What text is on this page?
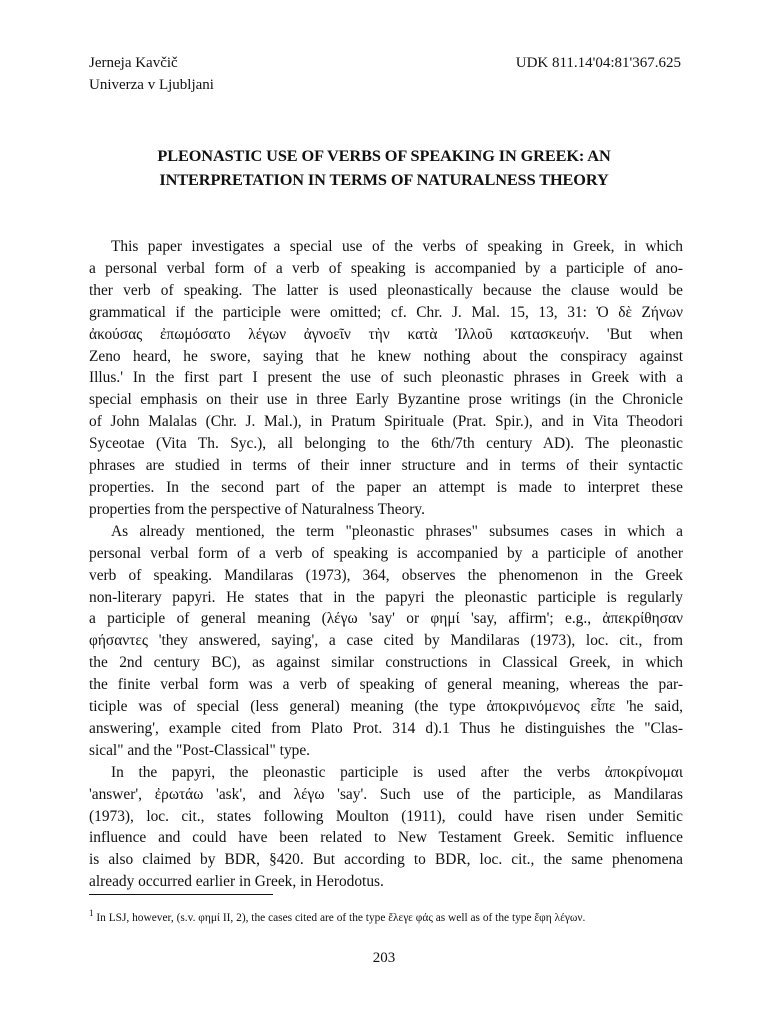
Jerneja Kavčič
Univerza v Ljubljani
UDK 811.14'04:81'367.625
PLEONASTIC USE OF VERBS OF SPEAKING IN GREEK: AN
INTERPRETATION IN TERMS OF NATURALNESS THEORY
This paper investigates a special use of the verbs of speaking in Greek, in which
a personal verbal form of a verb of speaking is accompanied by a participle of ano-
ther verb of speaking. The latter is used pleonastically because the clause would be
grammatical if the participle were omitted; cf. Chr. J. Mal. 15, 13, 31: Ὁ δὲ Ζήνων
ἀκούσας ἐπωμόσατο λέγων ἀγνοεῖν τὴν κατὰ Ἰλλοῦ κατασκευήν. 'But when
Zeno heard, he swore, saying that he knew nothing about the conspiracy against
Illus.' In the first part I present the use of such pleonastic phrases in Greek with a
special emphasis on their use in three Early Byzantine prose writings (in the Chronicle
of John Malalas (Chr. J. Mal.), in Pratum Spirituale (Prat. Spir.), and in Vita Theodori
Syceotae (Vita Th. Syc.), all belonging to the 6th/7th century AD). The pleonastic
phrases are studied in terms of their inner structure and in terms of their syntactic
properties. In the second part of the paper an attempt is made to interpret these
properties from the perspective of Naturalness Theory.
As already mentioned, the term "pleonastic phrases" subsumes cases in which a
personal verbal form of a verb of speaking is accompanied by a participle of another
verb of speaking. Mandilaras (1973), 364, observes the phenomenon in the Greek
non-literary papyri. He states that in the papyri the pleonastic participle is regularly
a participle of general meaning (λέγω 'say' or φημί 'say, affirm'; e.g., ἀπεκρίθησαν
φήσαντες 'they answered, saying', a case cited by Mandilaras (1973), loc. cit., from
the 2nd century BC), as against similar constructions in Classical Greek, in which
the finite verbal form was a verb of speaking of general meaning, whereas the par-
ticiple was of special (less general) meaning (the type ἀποκρινόμενος εἶπε 'he said,
answering', example cited from Plato Prot. 314 d).1 Thus he distinguishes the "Clas-
sical" and the "Post-Classical" type.
In the papyri, the pleonastic participle is used after the verbs ἀποκρίνομαι
'answer', ἐρωτάω 'ask', and λέγω 'say'. Such use of the participle, as Mandilaras
(1973), loc. cit., states following Moulton (1911), could have risen under Semitic
influence and could have been related to New Testament Greek. Semitic influence
is also claimed by BDR, §420. But according to BDR, loc. cit., the same phenomena
already occurred earlier in Greek, in Herodotus.
$^1$ In LSJ, however, (s.v. φημί II, 2), the cases cited are of the type ἔλεγε φάς as well as of the type ἔφη λέγων.
203
